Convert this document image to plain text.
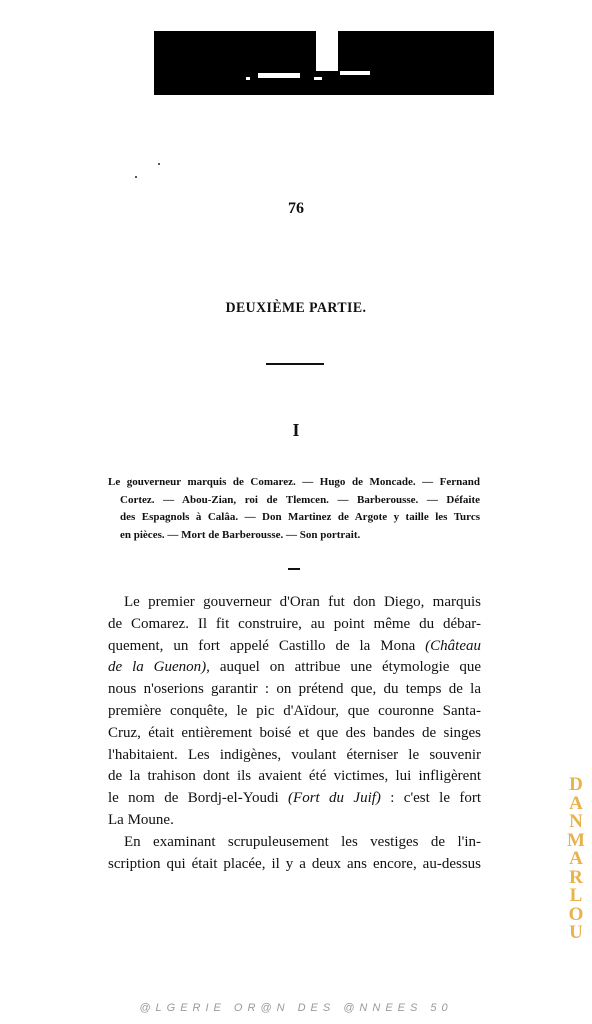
76
DEUXIÈME PARTIE.
I
Le gouverneur marquis de Comarez. — Hugo de Moncade. — Fernand
Cortez. — Abou-Zian, roi de Tlemcen. — Barberousse. — Défaite
des Espagnols à Calâa. — Don Martinez de Argote y taille les Turcs
en pièces. — Mort de Barberousse. — Son portrait.
Le premier gouverneur d'Oran fut don Diego, marquis
de Comarez. Il fit construire, au point même du débar-
quement, un fort appelé Castillo de la Mona (Château
de la Guenon), auquel on attribue une étymologie que
nous n'oserions garantir : on prétend que, du temps de la
première conquête, le pic d'Aïdour, que couronne Santa-
Cruz, était entièrement boisé et que des bandes de singes
l'habitaient. Les indigènes, voulant éterniser le souvenir
de la trahison dont ils avaient été victimes, lui infligèrent
le nom de Bordj-el-Youdi (Fort du Juif) : c'est le fort
La Moune.
En examinant scrupuleusement les vestiges de l'in-
scription qui était placée, il y a deux ans encore, au-dessus
D
A
N
M
A
R
L
O
U
@LGERIE OR@N DES @NNEES 50
